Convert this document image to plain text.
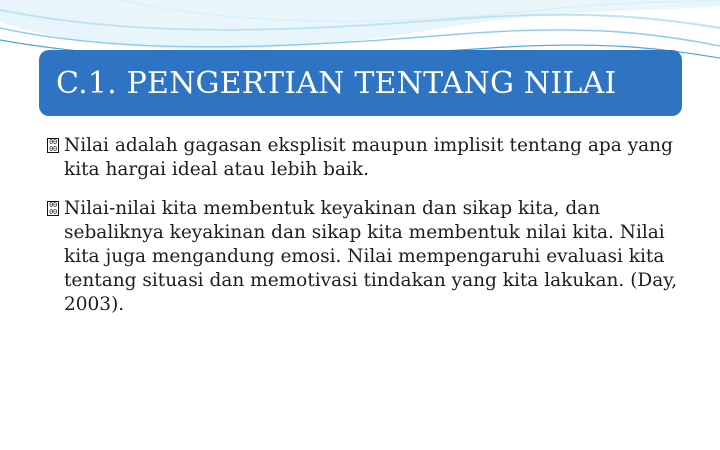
C.1. PENGERTIAN TENTANG NILAI
00
00 Nilai adalah gagasan eksplisit maupun implisit tentang apa yang kita hargai ideal atau lebih baik.
00
00 Nilai-nilai kita membentuk keyakinan dan sikap kita, dan sebaliknya keyakinan dan sikap kita membentuk nilai kita. Nilai kita juga mengandung emosi. Nilai mempengaruhi evaluasi kita tentang situasi dan memotivasi tindakan yang kita lakukan. (Day, 2003).
